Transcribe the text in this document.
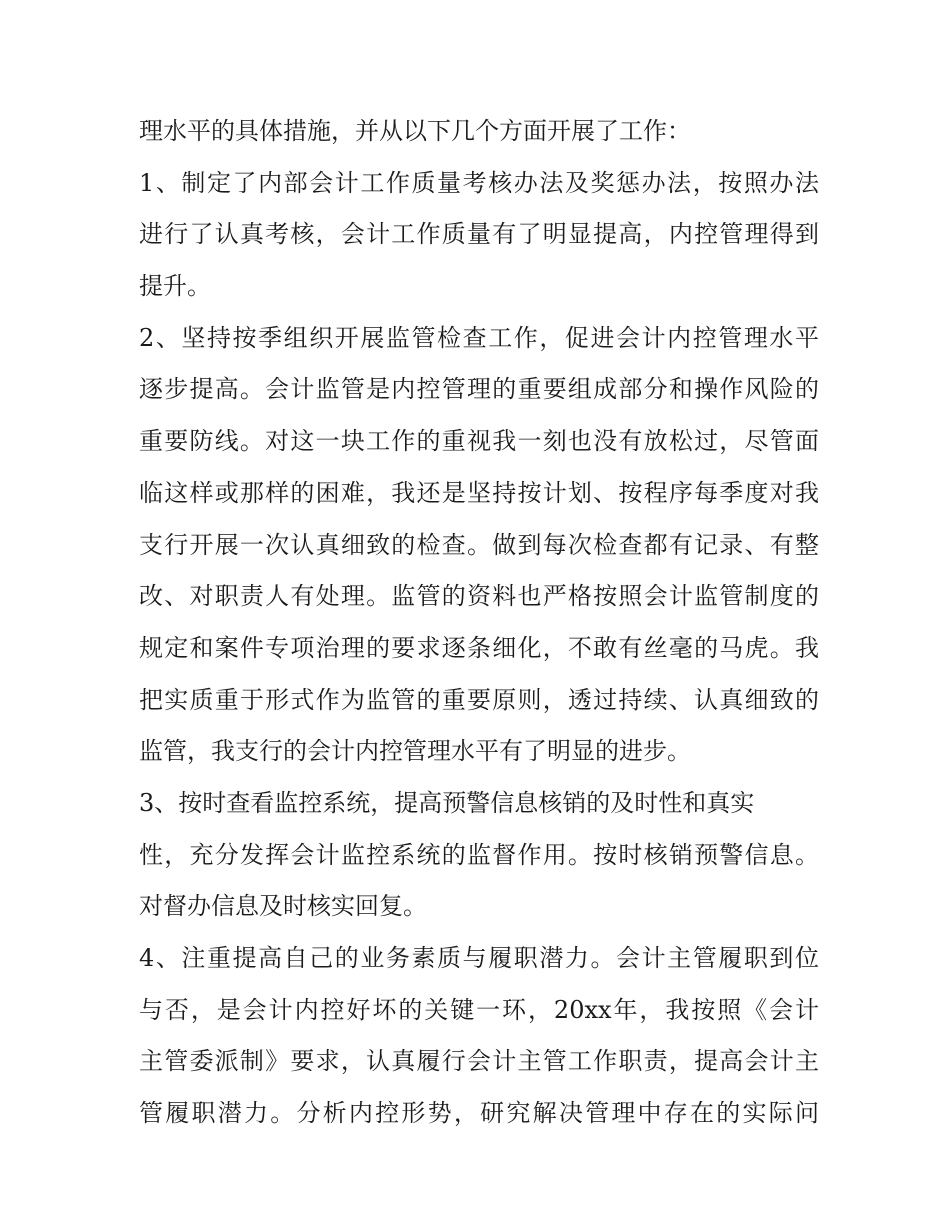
理水平的具体措施，并从以下几个方面开展了工作：
1、制定了内部会计工作质量考核办法及奖惩办法，按照办法
进行了认真考核，会计工作质量有了明显提高，内控管理得到
提升。
2、坚持按季组织开展监管检查工作，促进会计内控管理水平
逐步提高。会计监管是内控管理的重要组成部分和操作风险的
重要防线。对这一块工作的重视我一刻也没有放松过，尽管面
临这样或那样的困难，我还是坚持按计划、按程序每季度对我
支行开展一次认真细致的检查。做到每次检查都有记录、有整
改、对职责人有处理。监管的资料也严格按照会计监管制度的
规定和案件专项治理的要求逐条细化，不敢有丝毫的马虎。我
把实质重于形式作为监管的重要原则，透过持续、认真细致的
监管，我支行的会计内控管理水平有了明显的进步。
3、按时查看监控系统，提高预警信息核销的及时性和真实
性，充分发挥会计监控系统的监督作用。按时核销预警信息。
对督办信息及时核实回复。
4、注重提高自己的业务素质与履职潜力。会计主管履职到位
与否，是会计内控好坏的关键一环，20xx年，我按照《会计
主管委派制》要求，认真履行会计主管工作职责，提高会计主
管履职潜力。分析内控形势，研究解决管理中存在的实际问
